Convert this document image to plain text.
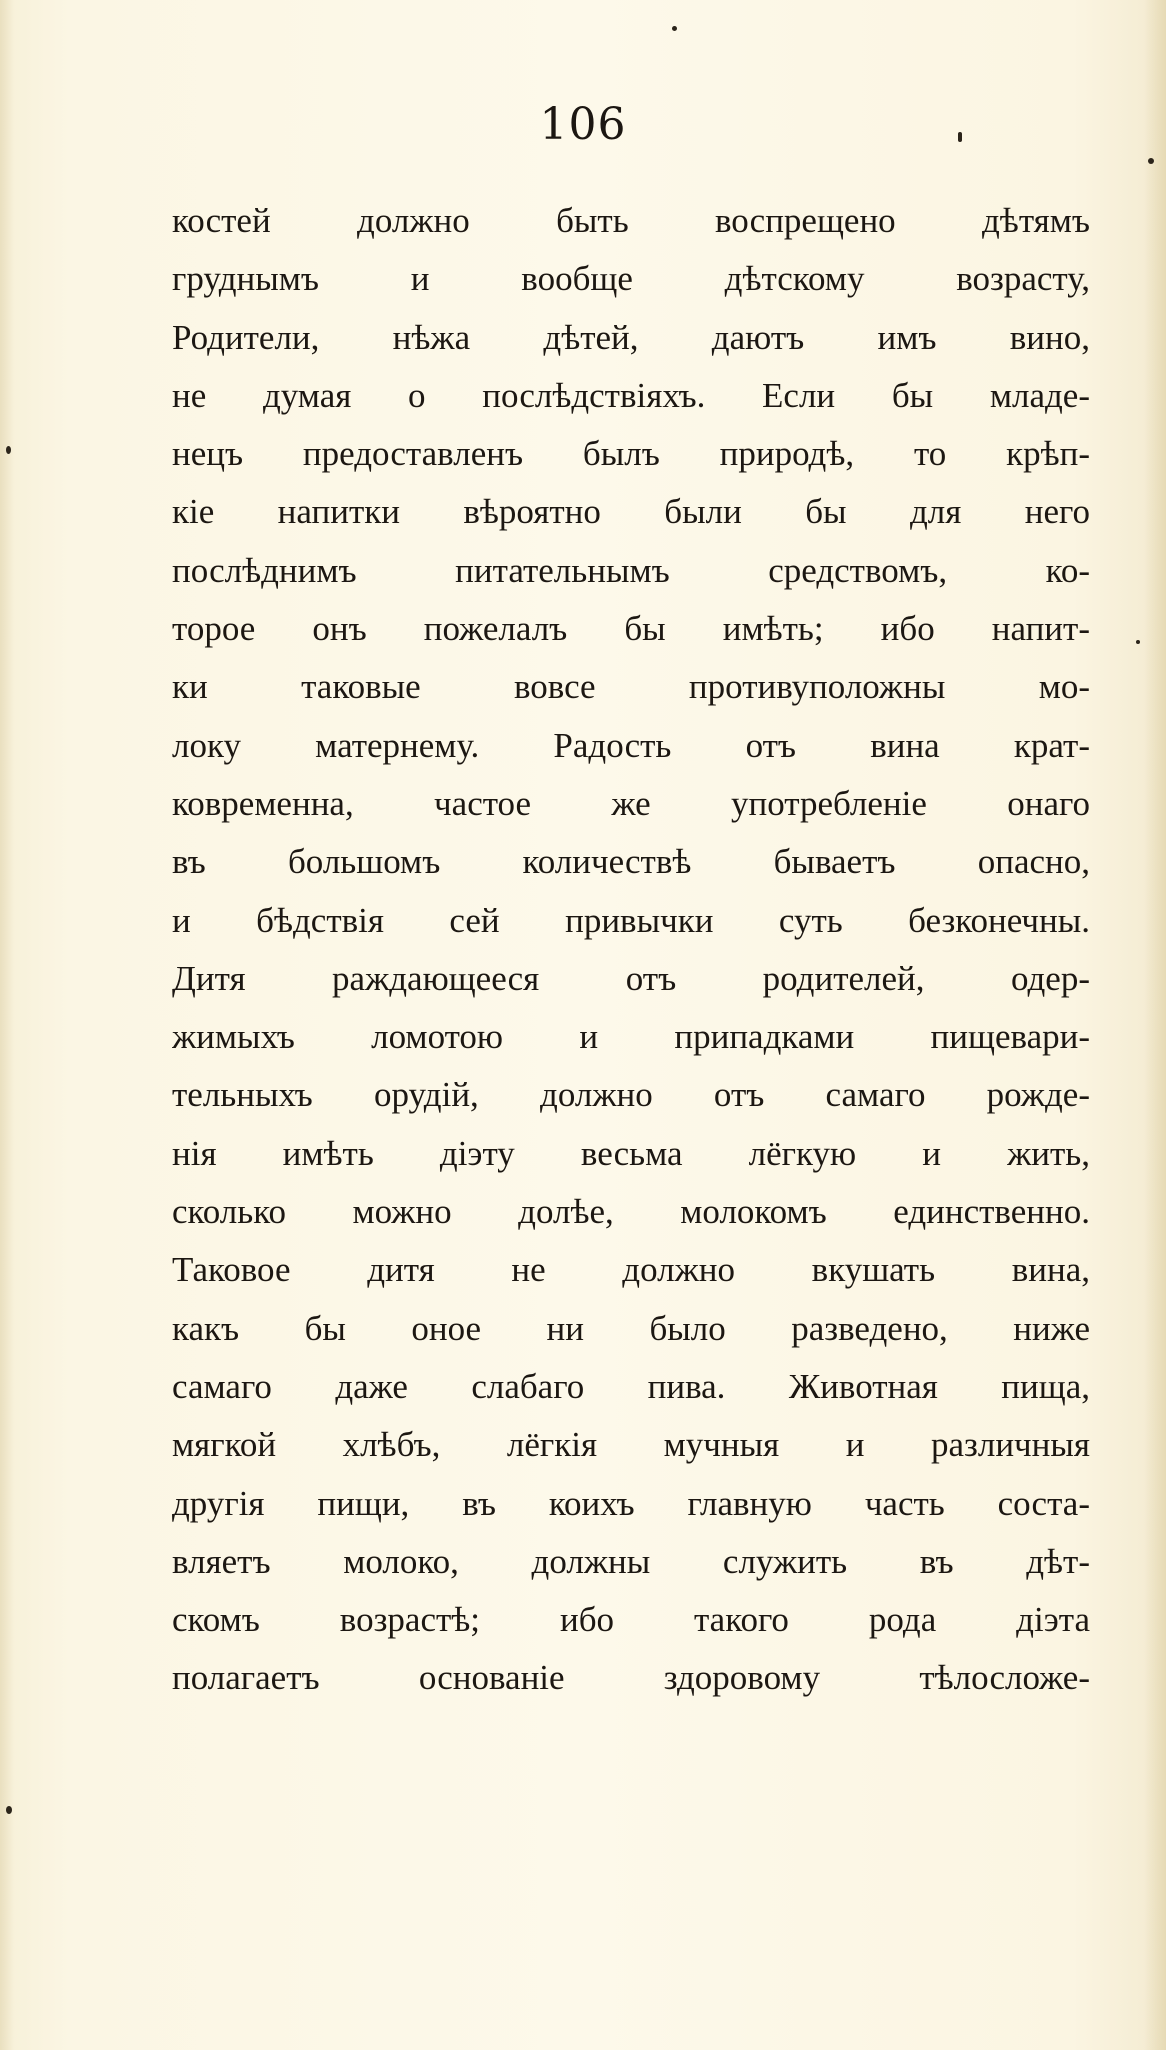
106
костей должно быть воспрещено дѣтямъ
груднымъ и вообще дѣтскому возрасту,
Родители, нѣжа дѣтей, даютъ имъ вино,
не думая о послѣдствіяхъ. Если бы младе-
нецъ предоставленъ былъ природѣ, то крѣп-
кіе напитки вѣроятно были бы для него
послѣднимъ питательнымъ средствомъ, ко-
торое онъ пожелалъ бы имѣть; ибо напит-
ки таковые вовсе противуположны мо-
локу матернему. Радость отъ вина крат-
ковременна, частое же употребленіе онаго
въ большомъ количествѣ бываетъ опасно,
и бѣдствія сей привычки суть безконечны.
Дитя раждающееся отъ родителей, одер-
жимыхъ ломотою и припадками пищевари-
тельныхъ орудій, должно отъ самаго рожде-
нія имѣть діэту весьма лёгкую и жить,
сколько можно долѣе, молокомъ единственно.
Таковое дитя не должно вкушать вина,
какъ бы оное ни было разведено, ниже
самаго даже слабаго пива. Животная пища,
мягкой хлѣбъ, лёгкія мучныя и различныя
другія пищи, въ коихъ главную часть соста-
вляетъ молоко, должны служить въ дѣт-
скомъ возрастѣ; ибо такого рода діэта
полагаетъ основаніе здоровому тѣлосложе-
